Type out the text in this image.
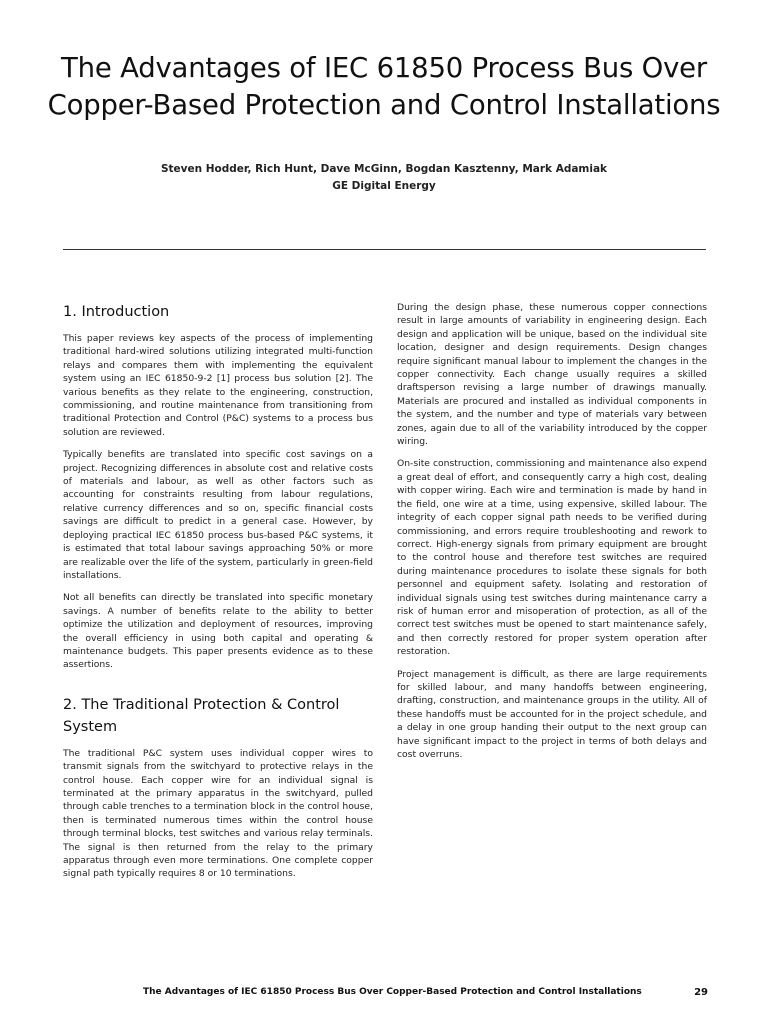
The Advantages of IEC 61850 Process Bus Over Copper-Based Protection and Control Installations
Steven Hodder, Rich Hunt, Dave McGinn, Bogdan Kasztenny, Mark Adamiak
GE Digital Energy
1. Introduction

This paper reviews key aspects of the process of implementing traditional hard-wired solutions utilizing integrated multi-function relays and compares them with implementing the equivalent system using an IEC 61850-9-2 [1] process bus solution [2]. The various benefits as they relate to the engineering, construction, commissioning, and routine maintenance from transitioning from traditional Protection and Control (P&C) systems to a process bus solution are reviewed.

Typically benefits are translated into specific cost savings on a project. Recognizing differences in absolute cost and relative costs of materials and labour, as well as other factors such as accounting for constraints resulting from labour regulations, relative currency differences and so on, specific financial costs savings are difficult to predict in a general case. However, by deploying practical IEC 61850 process bus-based P&C systems, it is estimated that total labour savings approaching 50% or more are realizable over the life of the system, particularly in green-field installations.

Not all benefits can directly be translated into specific monetary savings. A number of benefits relate to the ability to better optimize the utilization and deployment of resources, improving the overall efficiency in using both capital and operating & maintenance budgets. This paper presents evidence as to these assertions.

2. The Traditional Protection & Control System

The traditional P&C system uses individual copper wires to transmit signals from the switchyard to protective relays in the control house. Each copper wire for an individual signal is terminated at the primary apparatus in the switchyard, pulled through cable trenches to a termination block in the control house, then is terminated numerous times within the control house through terminal blocks, test switches and various relay terminals. The signal is then returned from the relay to the primary apparatus through even more terminations. One complete copper signal path typically requires 8 or 10 terminations.

During the design phase, these numerous copper connections result in large amounts of variability in engineering design. Each design and application will be unique, based on the individual site location, designer and design requirements. Design changes require significant manual labour to implement the changes in the copper connectivity. Each change usually requires a skilled draftsperson revising a large number of drawings manually. Materials are procured and installed as individual components in the system, and the number and type of materials vary between zones, again due to all of the variability introduced by the copper wiring.

On-site construction, commissioning and maintenance also expend a great deal of effort, and consequently carry a high cost, dealing with copper wiring. Each wire and termination is made by hand in the field, one wire at a time, using expensive, skilled labour. The integrity of each copper signal path needs to be verified during commissioning, and errors require troubleshooting and rework to correct. High-energy signals from primary equipment are brought to the control house and therefore test switches are required during maintenance procedures to isolate these signals for both personnel and equipment safety. Isolating and restoration of individual signals using test switches during maintenance carry a risk of human error and misoperation of protection, as all of the correct test switches must be opened to start maintenance safely, and then correctly restored for proper system operation after restoration.

Project management is difficult, as there are large requirements for skilled labour, and many handoffs between engineering, drafting, construction, and maintenance groups in the utility. All of these handoffs must be accounted for in the project schedule, and a delay in one group handing their output to the next group can have significant impact to the project in terms of both delays and cost overruns.

The Advantages of IEC 61850 Process Bus Over Copper-Based Protection and Control Installations	29
